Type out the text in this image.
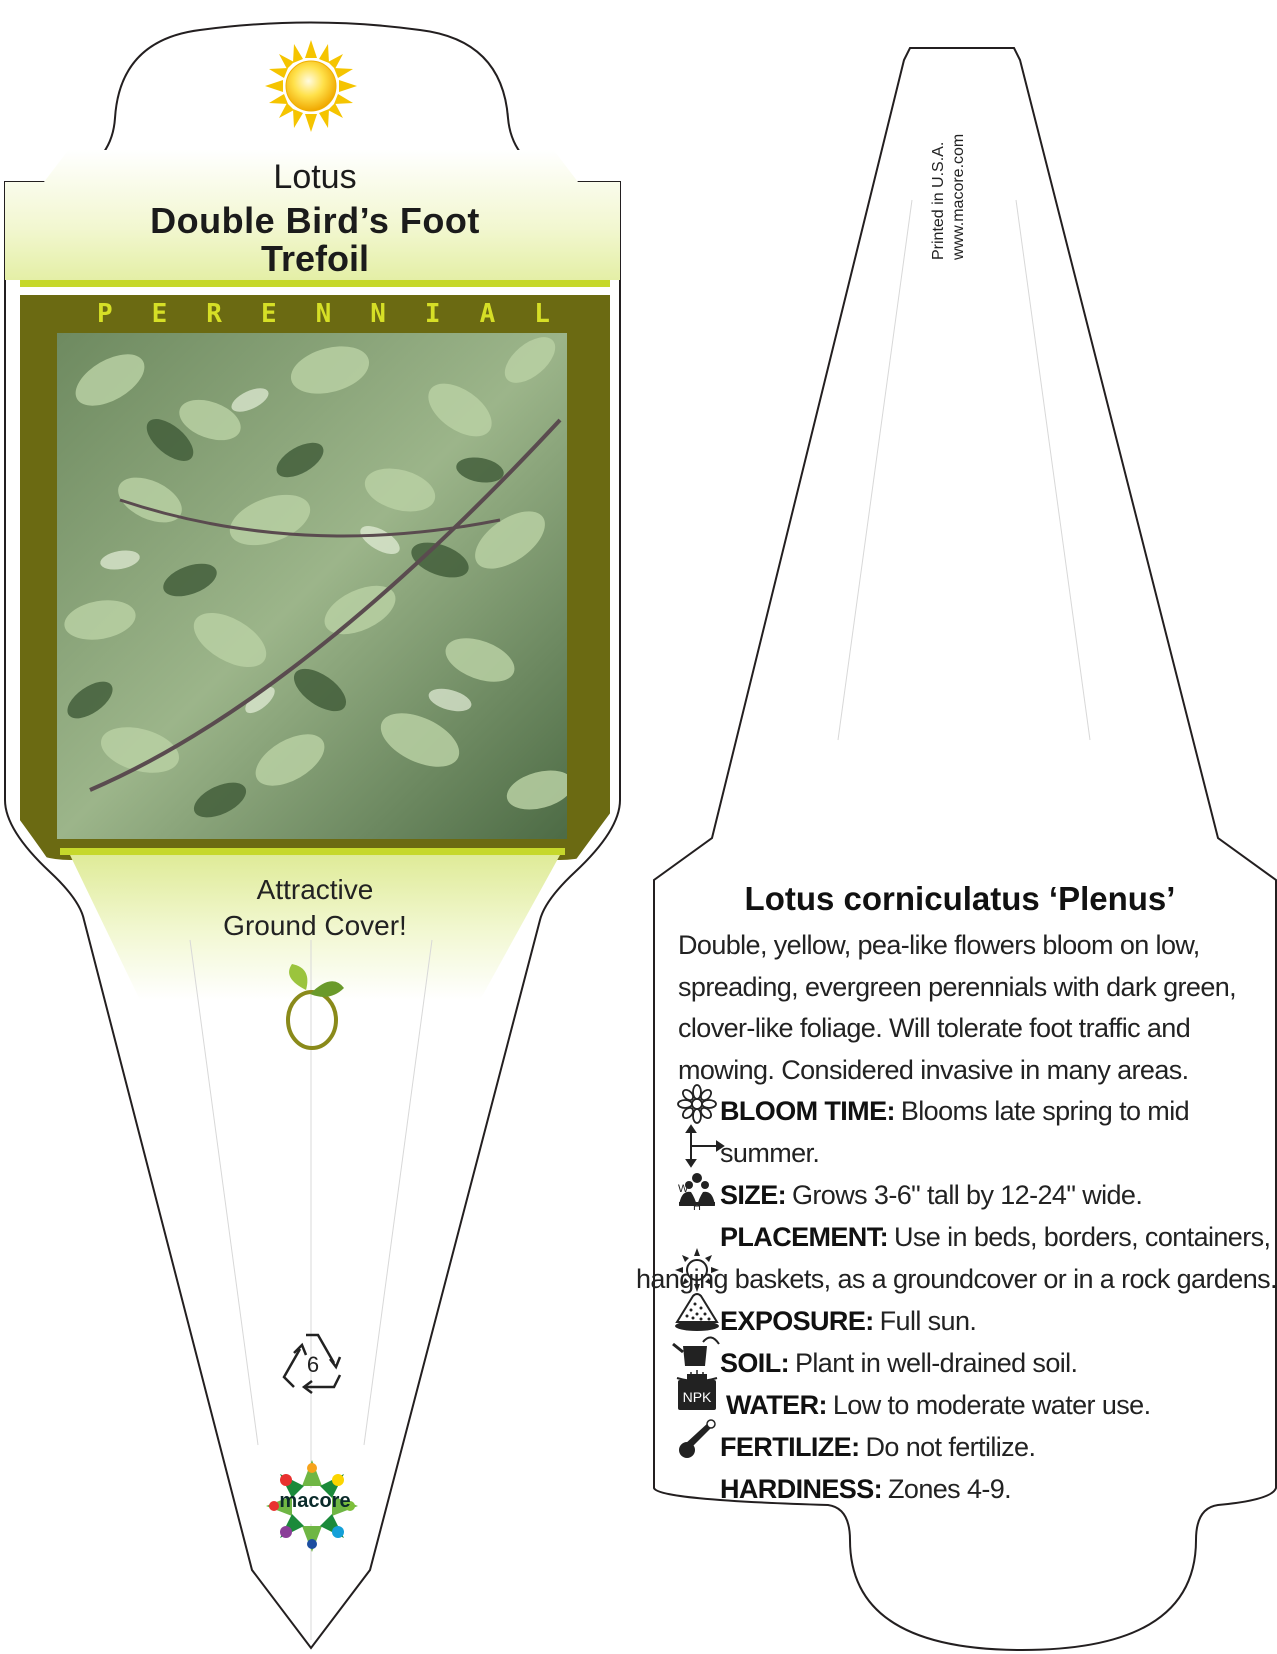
NPK
Lotus
Double Bird’s Foot
Trefoil
PERENNIAL
Attractive
Ground Cover!
6
macore
Printed in U.S.A. www.macore.com
Lotus corniculatus ‘Plenus’
Double, yellow, pea-like flowers bloom on low,
spreading, evergreen perennials with dark green,
clover-like foliage. Will tolerate foot traffic and
mowing. Considered invasive in many areas.
BLOOM TIME: Blooms late spring to mid summer.
W
H SIZE: Grows 3-6" tall by 12-24" wide.
PLACEMENT: Use in beds, borders, containers,
hanging baskets, as a groundcover or in a rock gardens.
EXPOSURE: Full sun.
SOIL: Plant in well-drained soil.
WATER: Low to moderate water use.
FERTILIZE: Do not fertilize.
HARDINESS: Zones 4-9.
